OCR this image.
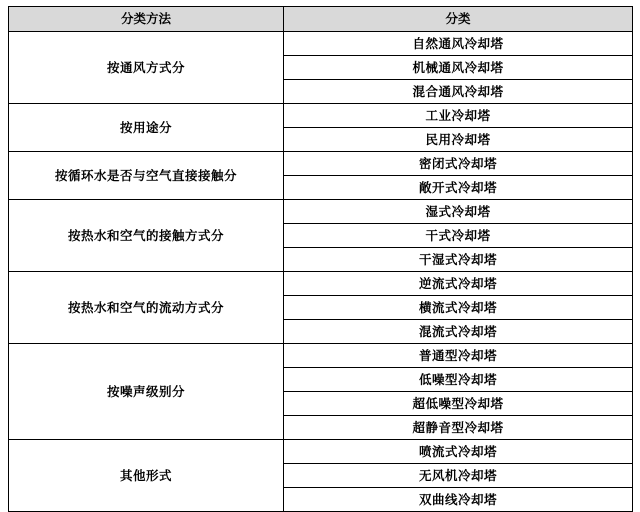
分类方法	分类
按通风方式分	自然通风冷却塔
	机械通风冷却塔
	混合通风冷却塔
按用途分	工业冷却塔
	民用冷却塔
按循环水是否与空气直接接触分	密闭式冷却塔
	敞开式冷却塔
按热水和空气的接触方式分	湿式冷却塔
	干式冷却塔
	干湿式冷却塔
按热水和空气的流动方式分	逆流式冷却塔
	横流式冷却塔
	混流式冷却塔
按噪声级别分	普通型冷却塔
	低噪型冷却塔
	超低噪型冷却塔
	超静音型冷却塔
其他形式	喷流式冷却塔
	无风机冷却塔
	双曲线冷却塔
